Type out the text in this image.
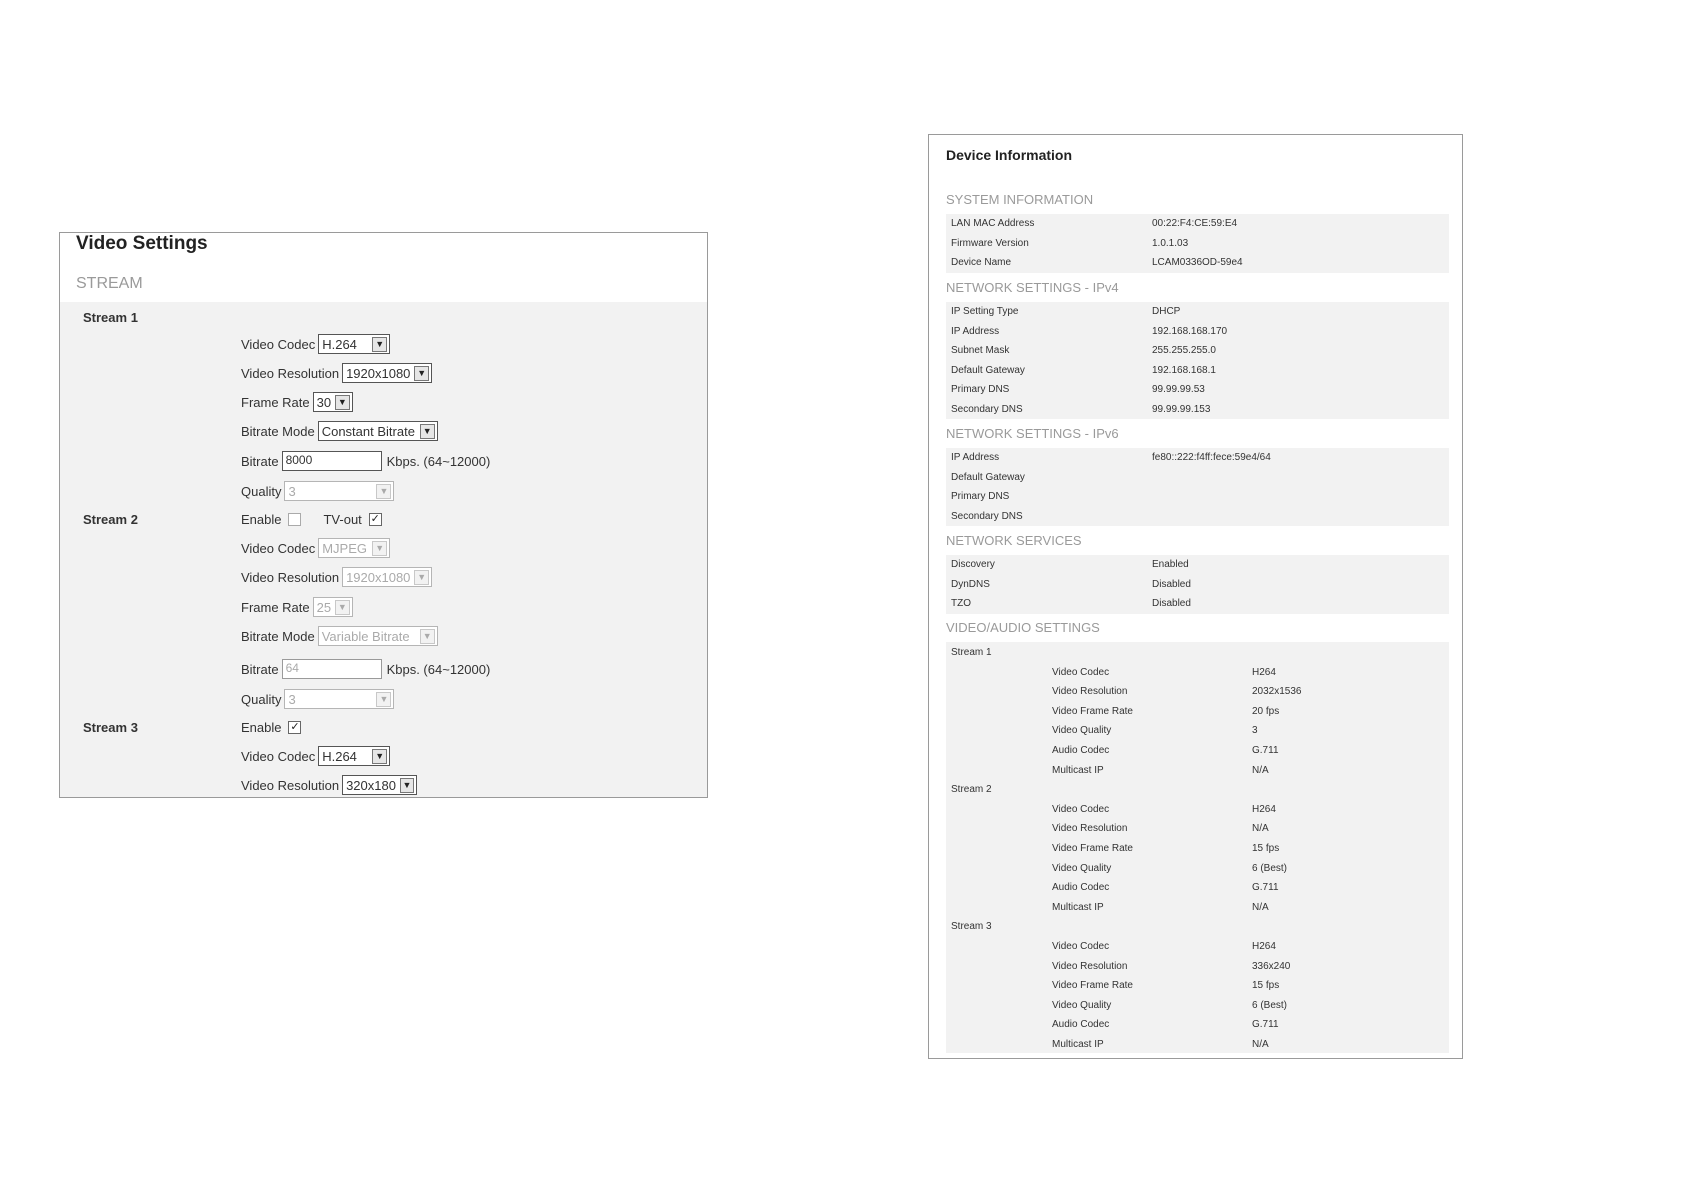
Video Settings
STREAM
Stream 1
Video Codec H.264	▼
Video Resolution 1920x1080 ▼
Frame Rate 30 ▼
Bitrate Mode Constant Bitrate ▼
Bitrate 8000	Kbps. (64~12000)
Quality 3	▼
Stream 2	Enable	TV-out ✓
Video Codec MJPEG ▼
Video Resolution 1920x1080 ▼
Frame Rate 25 ▼
Bitrate Mode Variable Bitrate	▼
Bitrate 64	Kbps. (64~12000)
Quality 3	▼
Stream 3	Enable ✓
Video Codec H.264	▼
Video Resolution 320x180 ▼
Device Information
SYSTEM INFORMATION
LAN MAC Address	00:22:F4:CE:59:E4
Firmware Version	1.0.1.03
Device Name	LCAM0336OD-59e4
NETWORK SETTINGS - IPv4
IP Setting Type	DHCP
IP Address	192.168.168.170
Subnet Mask	255.255.255.0
Default Gateway	192.168.168.1
Primary DNS	99.99.99.53
Secondary DNS	99.99.99.153
NETWORK SETTINGS - IPv6
IP Address	fe80::222:f4ff:fece:59e4/64
Default Gateway
Primary DNS
Secondary DNS
NETWORK SERVICES
Discovery	Enabled
DynDNS	Disabled
TZO	Disabled
VIDEO/AUDIO SETTINGS
Stream 1
Video Codec	H264
Video Resolution	2032x1536
Video Frame Rate	20 fps
Video Quality	3
Audio Codec	G.711
Multicast IP	N/A
Stream 2
Video Codec	H264
Video Resolution	N/A
Video Frame Rate	15 fps
Video Quality	6 (Best)
Audio Codec	G.711
Multicast IP	N/A
Stream 3
Video Codec	H264
Video Resolution	336x240
Video Frame Rate	15 fps
Video Quality	6 (Best)
Audio Codec	G.711
Multicast IP	N/A
